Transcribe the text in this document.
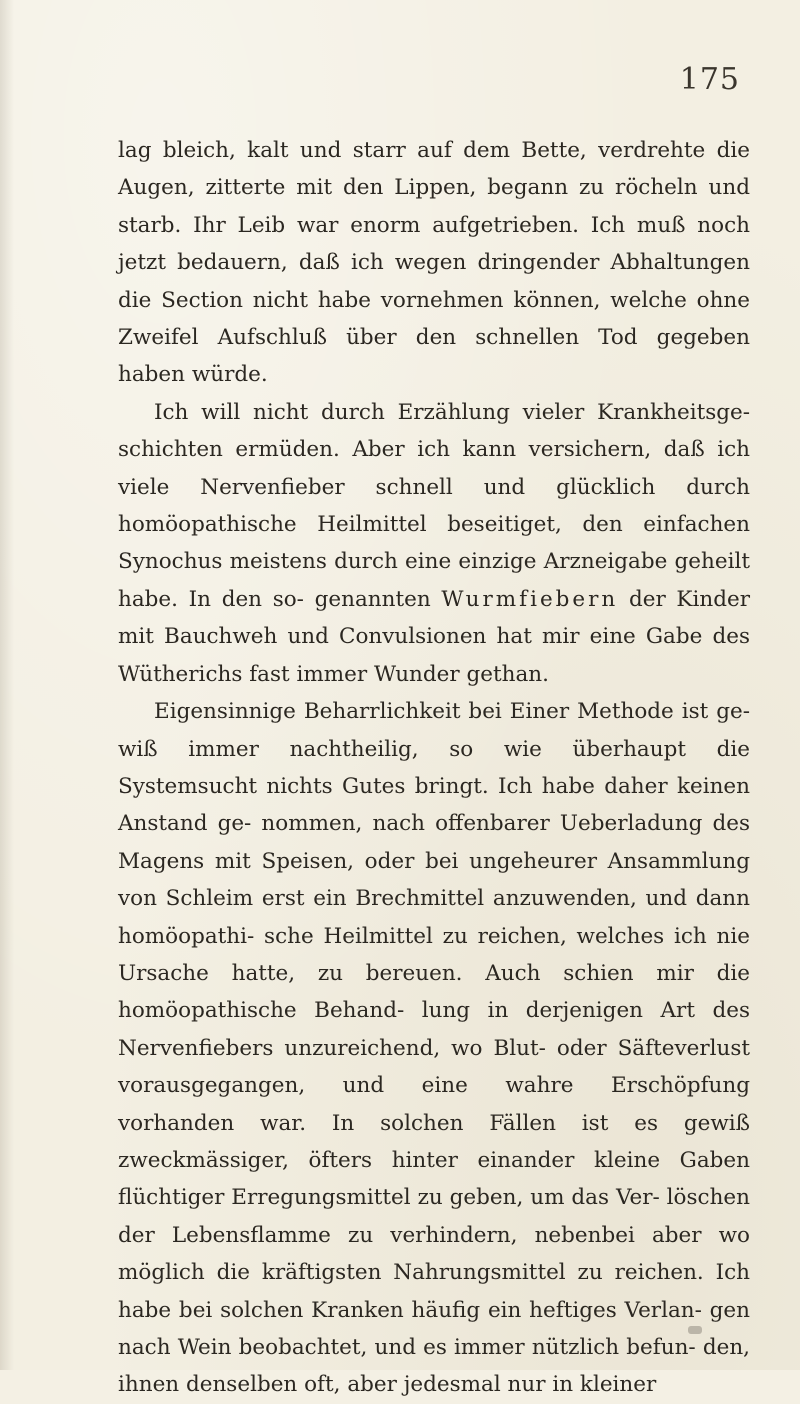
175

lag bleich, kalt und starr auf dem Bette, verdrehte die Augen, zitterte mit den Lippen, begann zu röcheln und starb. Ihr Leib war enorm aufgetrieben. Ich muß noch jetzt bedauern, daß ich wegen dringender Abhaltungen die Section nicht habe vornehmen können, welche ohne Zweifel Aufschluß über den schnellen Tod gegeben haben würde.

Ich will nicht durch Erzählung vieler Krankheitsge- schichten ermüden. Aber ich kann versichern, daß ich viele Nervenfieber schnell und glücklich durch homöopathische Heilmittel beseitiget, den einfachen Synochus meistens durch eine einzige Arzneigabe geheilt habe. In den so- genannten Wurmfiebern der Kinder mit Bauchweh und Convulsionen hat mir eine Gabe des Wütherichs fast immer Wunder gethan.

Eigensinnige Beharrlichkeit bei Einer Methode ist ge- wiß immer nachtheilig, so wie überhaupt die Systemsucht nichts Gutes bringt. Ich habe daher keinen Anstand ge- nommen, nach offenbarer Ueberladung des Magens mit Speisen, oder bei ungeheurer Ansammlung von Schleim erst ein Brechmittel anzuwenden, und dann homöopathi- sche Heilmittel zu reichen, welches ich nie Ursache hatte, zu bereuen. Auch schien mir die homöopathische Behand- lung in derjenigen Art des Nervenfiebers unzureichend, wo Blut- oder Säfteverlust vorausgegangen, und eine wahre Erschöpfung vorhanden war. In solchen Fällen ist es gewiß zweckmässiger, öfters hinter einander kleine Gaben flüchtiger Erregungsmittel zu geben, um das Ver- löschen der Lebensflamme zu verhindern, nebenbei aber wo möglich die kräftigsten Nahrungsmittel zu reichen. Ich habe bei solchen Kranken häufig ein heftiges Verlan- gen nach Wein beobachtet, und es immer nützlich befun- den, ihnen denselben oft, aber jedesmal nur in kleiner
